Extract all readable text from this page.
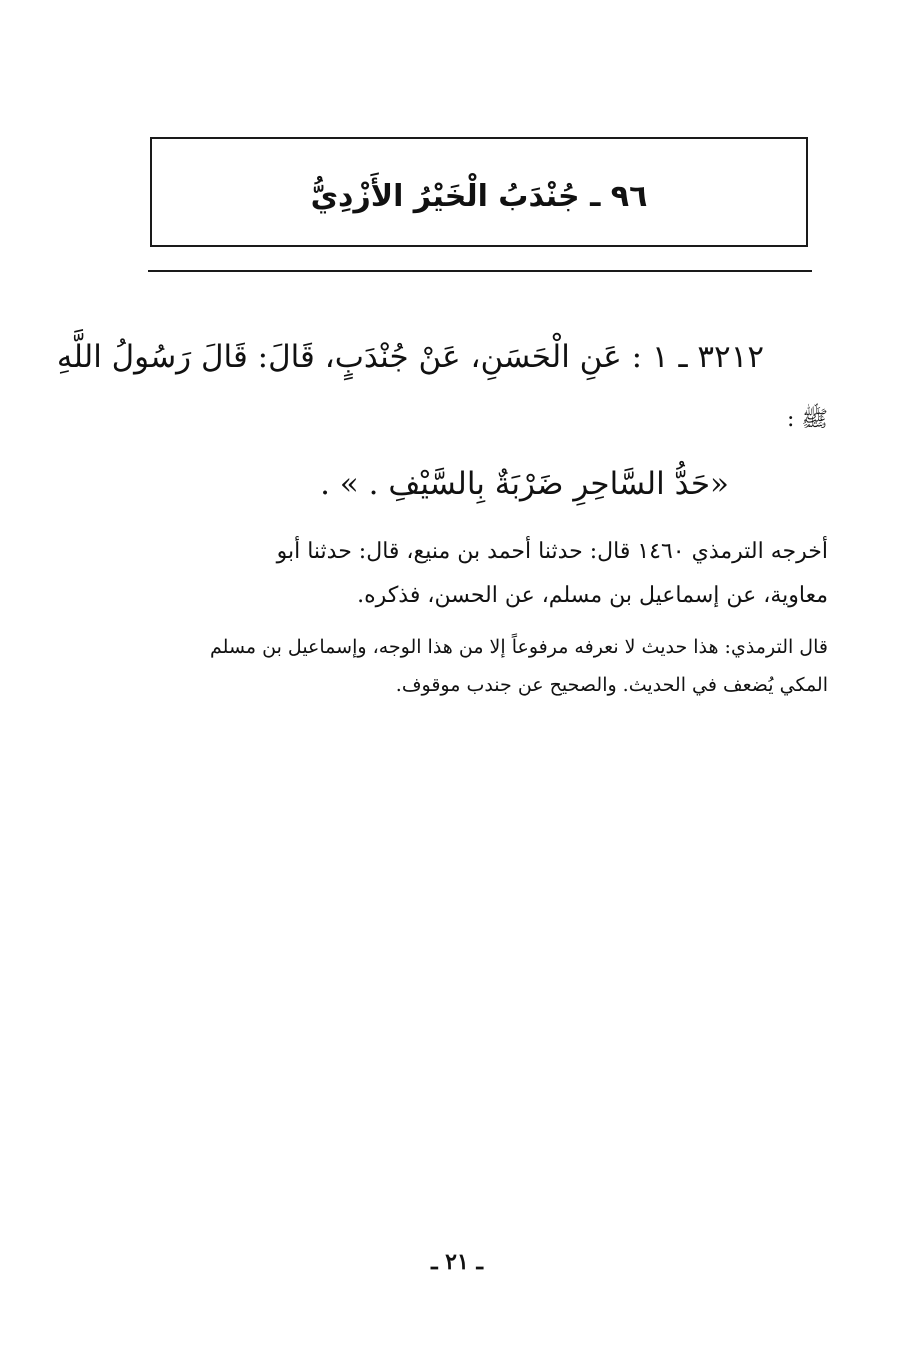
٩٦ ـ جُنْدَبُ الْخَيْرُ الأَزْدِيُّ
٣٢١٢ ـ ١ : عَنِ الْحَسَنِ، عَنْ جُنْدَبٍ، قَالَ: قَالَ رَسُولُ اللَّهِ
ﷺ :
«حَدُّ السَّاحِرِ ضَرْبَةٌ بِالسَّيْفِ . » .
أخرجه الترمذي ١٤٦٠ قال: حدثنا أحمد بن منيع، قال: حدثنا أبو
معاوية، عن إسماعيل بن مسلم، عن الحسن، فذكره.
قال الترمذي: هذا حديث لا نعرفه مرفوعاً إلا من هذا الوجه، وإسماعيل بن مسلم
المكي يُضعف في الحديث. والصحيح عن جندب موقوف.
ـ ٢١ ـ
